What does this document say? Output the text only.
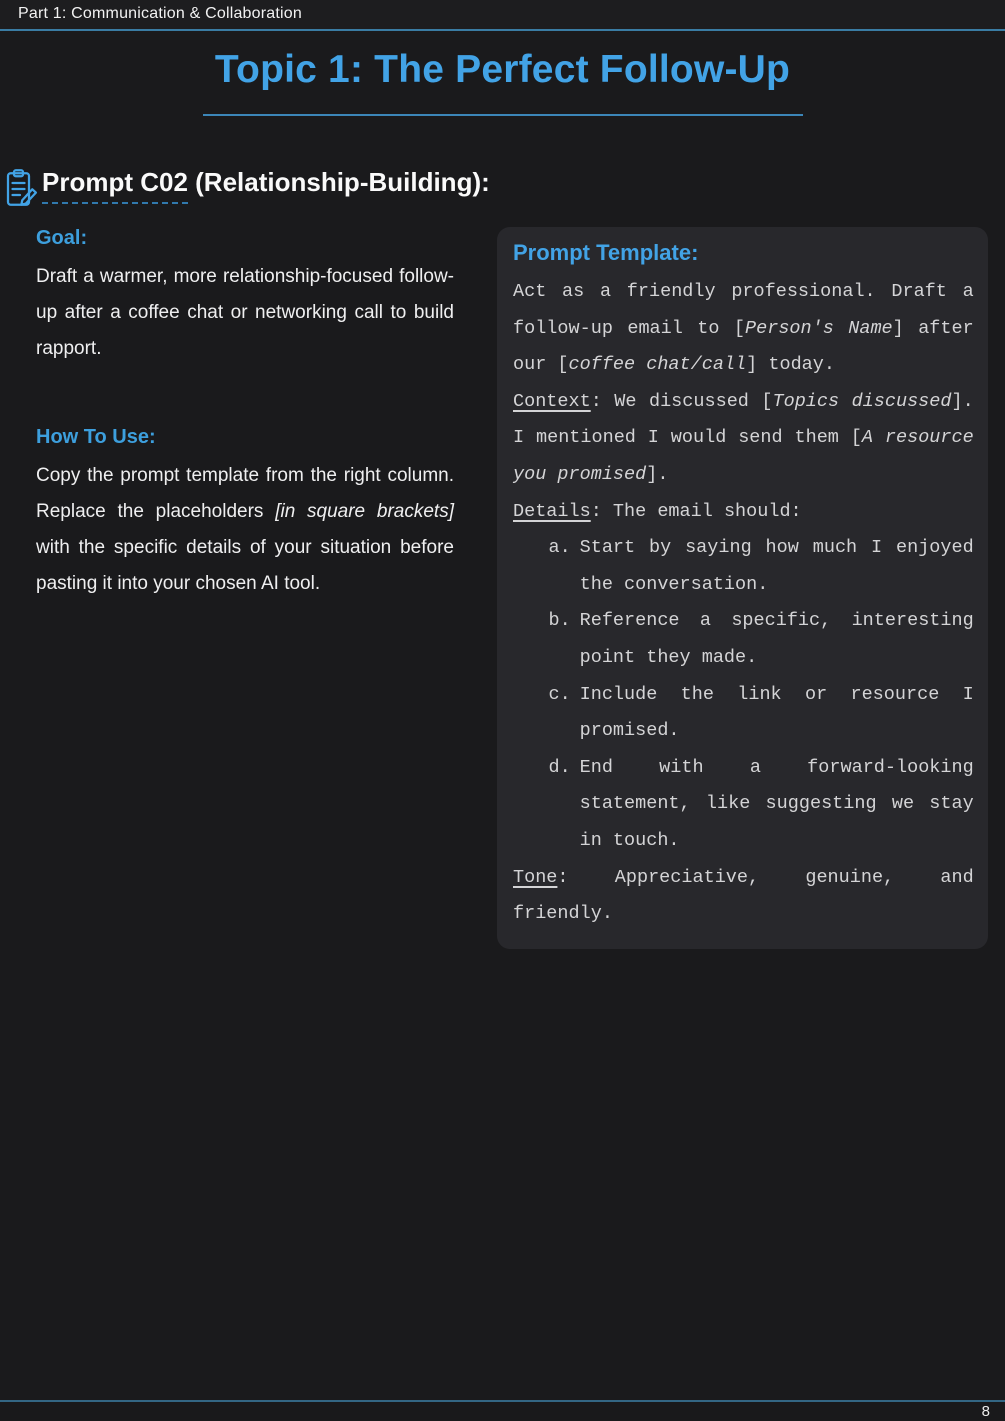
Part 1: Communication & Collaboration
Topic 1: The Perfect Follow-Up
Prompt C02 (Relationship-Building):
Goal:
Draft a warmer, more relationship-focused follow-up after a coffee chat or networking call to build rapport.
How To Use:
Copy the prompt template from the right column. Replace the placeholders [in square brackets] with the specific details of your situation before pasting it into your chosen AI tool.
Prompt Template:
Act as a friendly professional. Draft a follow-up email to [Person's Name] after our [coffee chat/call] today.
Context: We discussed [Topics discussed]. I mentioned I would send them [A resource you promised].
Details: The email should:
a. Start by saying how much I enjoyed the conversation.
b. Reference a specific, interesting point they made.
c. Include the link or resource I promised.
d. End with a forward-looking statement, like suggesting we stay in touch.
Tone: Appreciative, genuine, and friendly.
8
